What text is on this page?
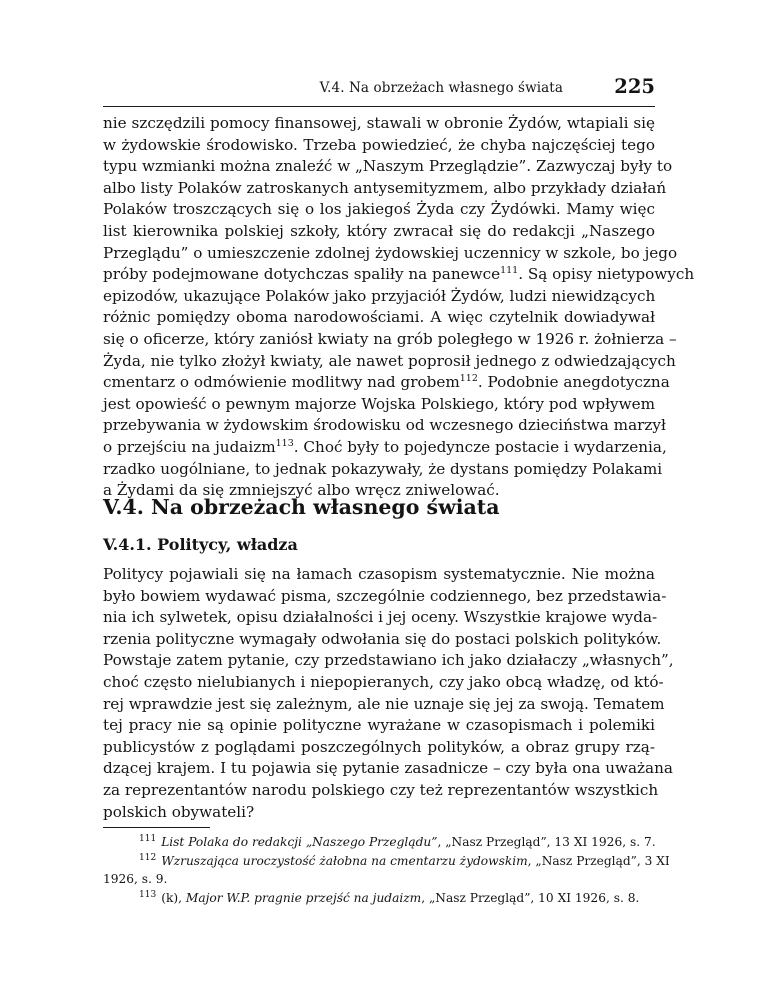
V.4. Na obrzeżach własnego świata	225

nie szczędzili pomocy finansowej, stawali w obronie Żydów, wtapiali się
w żydowskie środowisko. Trzeba powiedzieć, że chyba najczęściej tego
typu wzmianki można znaleźć w „Naszym Przeglądzie”. Zazwyczaj były to
albo listy Polaków zatroskanych antysemityzmem, albo przykłady działań
Polaków troszczących się o los jakiegoś Żyda czy Żydówki. Mamy więc
list kierownika polskiej szkoły, który zwracał się do redakcji „Naszego
Przeglądu” o umieszczenie zdolnej żydowskiej uczennicy w szkole, bo jego
próby podejmowane dotychczas spaliły na panewce$^{111}$. Są opisy nietypowych
epizodów, ukazujące Polaków jako przyjaciół Żydów, ludzi niewidzących
różnic pomiędzy oboma narodowościami. A więc czytelnik dowiadywał
się o oficerze, który zaniósł kwiaty na grób poległego w 1926 r. żołnierza –
Żyda, nie tylko złożył kwiaty, ale nawet poprosił jednego z odwiedzających
cmentarz o odmówienie modlitwy nad grobem$^{112}$. Podobnie anegdotyczna
jest opowieść o pewnym majorze Wojska Polskiego, który pod wpływem
przebywania w żydowskim środowisku od wczesnego dzieciństwa marzył
o przejściu na judaizm$^{113}$. Choć były to pojedyncze postacie i wydarzenia,
rzadko uogólniane, to jednak pokazywały, że dystans pomiędzy Polakami
a Żydami da się zmniejszyć albo wręcz zniwelować.

V.4. Na obrzeżach własnego świata
V.4.1. Politycy, władza

Politycy pojawiali się na łamach czasopism systematycznie. Nie można
było bowiem wydawać pisma, szczególnie codziennego, bez przedstawia-
nia ich sylwetek, opisu działalności i jej oceny. Wszystkie krajowe wyda-
rzenia polityczne wymagały odwołania się do postaci polskich polityków.
Powstaje zatem pytanie, czy przedstawiano ich jako działaczy „własnych”,
choć często nielubianych i niepopieranych, czy jako obcą władzę, od któ-
rej wprawdzie jest się zależnym, ale nie uznaje się jej za swoją. Tematem
tej pracy nie są opinie polityczne wyrażane w czasopismach i polemiki
publicystów z poglądami poszczególnych polityków, a obraz grupy rzą-
dzącej krajem. I tu pojawia się pytanie zasadnicze – czy była ona uważana
za reprezentantów narodu polskiego czy też reprezentantów wszystkich
polskich obywateli?

$^{111}$ List Polaka do redakcji „Naszego Przeglądu”, „Nasz Przegląd”, 13 XI 1926, s. 7.
$^{112}$ Wzruszająca uroczystość żałobna na cmentarzu żydowskim, „Nasz Przegląd”, 3 XI
1926, s. 9.
$^{113}$ (k), Major W.P. pragnie przejść na judaizm, „Nasz Przegląd”, 10 XI 1926, s. 8.
